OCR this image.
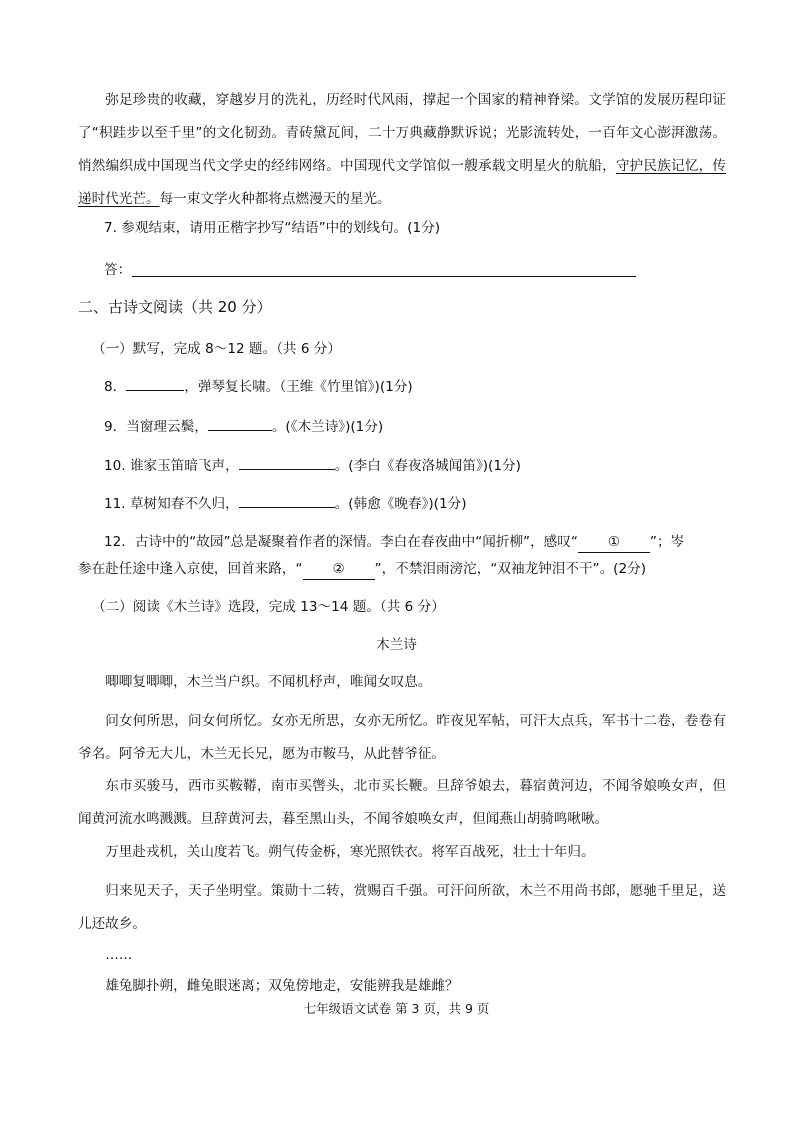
弥足珍贵的收藏，穿越岁月的洗礼，历经时代风雨，撑起一个国家的精神脊梁。文学馆的发展历程印证了“积跬步以至千里”的文化韧劲。青砖黛瓦间，二十万典藏静默诉说；光影流转处，一百年文心澎湃激荡。悄然编织成中国现当代文学史的经纬网络。中国现代文学馆似一艘承载文明星火的航船，守护民族记忆，传递时代光芒。每一束文学火种都将点燃漫天的星光。

7. 参观结束，请用正楷字抄写“结语”中的划线句。(1分)
答：
二、古诗文阅读（共 20 分）
（一）默写，完成 8～12 题。（共 6 分）
8．	，弹琴复长啸。（王维《竹里馆》)(1分)
9．当窗理云鬓，	。(《木兰诗》)(1分)
10. 谁家玉笛暗飞声，	。(李白《春夜洛城闻笛》)(1分)
11. 草树知春不久归，	。(韩愈《晚春》)(1分)
12．古诗中的“故园”总是凝聚着作者的深情。李白在春夜曲中“闻折柳”，感叹“ ① ”；岑
参在赴任途中逢入京使，回首来路，“ ② ”，不禁泪雨滂沱，“双袖龙钟泪不干”。(2分)
（二）阅读《木兰诗》选段，完成 13～14 题。（共 6 分）
木兰诗

唧唧复唧唧，木兰当户织。不闻机杼声，唯闻女叹息。

问女何所思，问女何所忆。女亦无所思，女亦无所忆。昨夜见军帖，可汗大点兵，军书十二卷，卷卷有爷名。阿爷无大儿，木兰无长兄，愿为市鞍马，从此替爷征。

东市买骏马，西市买鞍鞯，南市买辔头，北市买长鞭。旦辞爷娘去，暮宿黄河边，不闻爷娘唤女声，但闻黄河流水鸣溅溅。旦辞黄河去，暮至黑山头，不闻爷娘唤女声，但闻燕山胡骑鸣啾啾。

万里赴戎机，关山度若飞。朔气传金柝，寒光照铁衣。将军百战死，壮士十年归。

归来见天子，天子坐明堂。策勋十二转，赏赐百千强。可汗问所欲，木兰不用尚书郎，愿驰千里足，送儿还故乡。

……

雄兔脚扑朔，雌兔眼迷离；双兔傍地走，安能辨我是雄雌？

七年级语文试卷 第 3 页，共 9 页
